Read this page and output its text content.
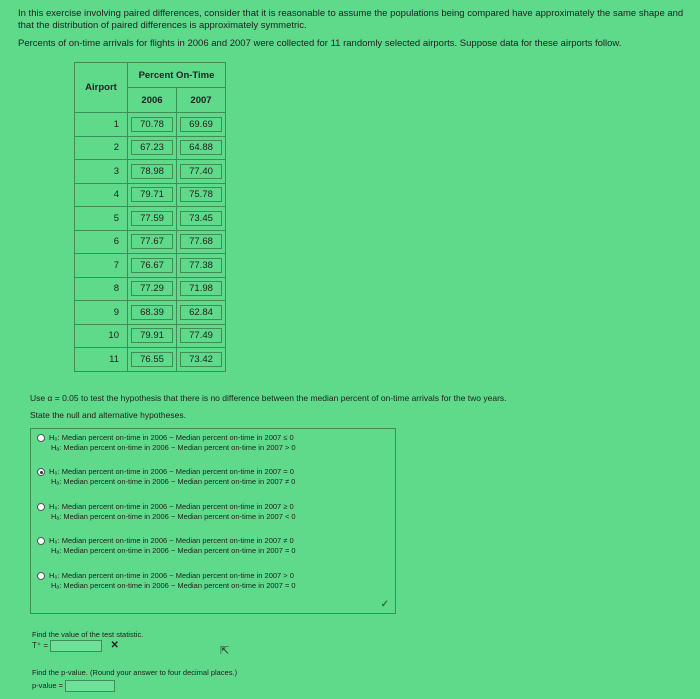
In this exercise involving paired differences, consider that it is reasonable to assume the populations being compared have approximately the same shape and that the distribution of paired differences is approximately symmetric.

Percents of on-time arrivals for flights in 2006 and 2007 were collected for 11 randomly selected airports. Suppose data for these airports follow.

Airport	Percent On-Time	
	2006	2007
1	70.78	69.69
2	67.23	64.88
3	78.98	77.40
4	79.71	75.78
5	77.59	73.45
6	77.67	77.68
7	76.67	77.38
8	77.29	71.98
9	68.39	62.84
10	79.91	77.49
11	76.55	73.42
Use α = 0.05 to test the hypothesis that there is no difference between the median percent of on-time arrivals for the two years.
State the null and alternative hypotheses.
H₀: Median percent on-time in 2006 − Median percent on-time in 2007 ≤ 0
Hₐ: Median percent on-time in 2006 − Median percent on-time in 2007 > 0
H₀: Median percent on-time in 2006 − Median percent on-time in 2007 = 0
Hₐ: Median percent on-time in 2006 − Median percent on-time in 2007 ≠ 0
H₀: Median percent on-time in 2006 − Median percent on-time in 2007 ≥ 0
Hₐ: Median percent on-time in 2006 − Median percent on-time in 2007 < 0
H₀: Median percent on-time in 2006 − Median percent on-time in 2007 ≠ 0
Hₐ: Median percent on-time in 2006 − Median percent on-time in 2007 = 0
H₀: Median percent on-time in 2006 − Median percent on-time in 2007 > 0
Hₐ: Median percent on-time in 2006 − Median percent on-time in 2007 = 0
✓
Find the value of the test statistic.
T⁺ =	✕	⇱
Find the p-value. (Round your answer to four decimal places.)
p-value =
